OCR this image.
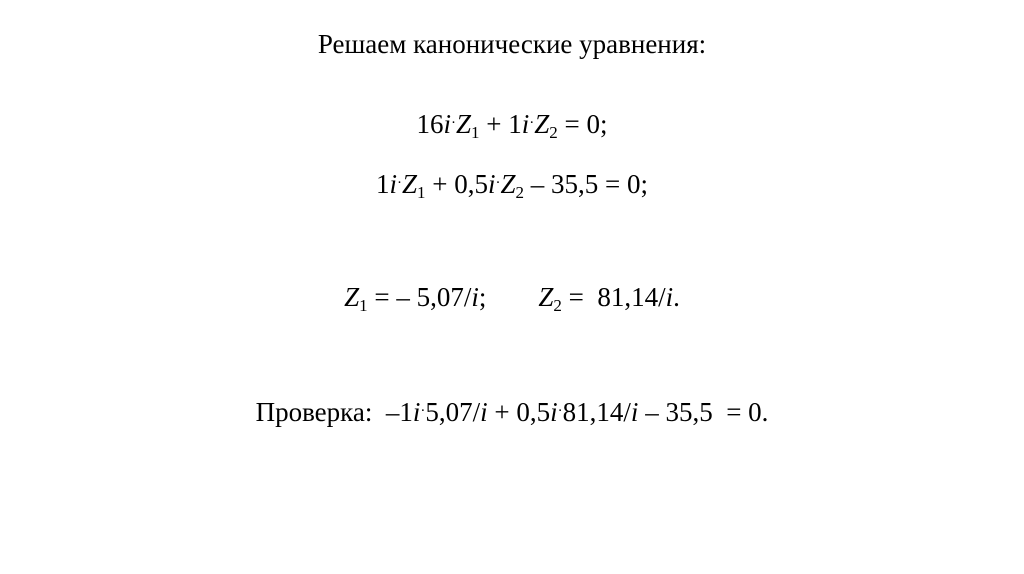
Решаем канонические уравнения:
$16i^\cdot Z_1 + 1i^\cdot Z_2 = 0$;
$1i^\cdot Z_1 + 0,5i^\cdot Z_2 - 35,5 = 0$;
$Z_1$ = – 5,07/i; $Z_2 = 81,14/i$.
Проверка:  –1i·5,07/i + 0,5i·81,14/i – 35,5  = 0.
